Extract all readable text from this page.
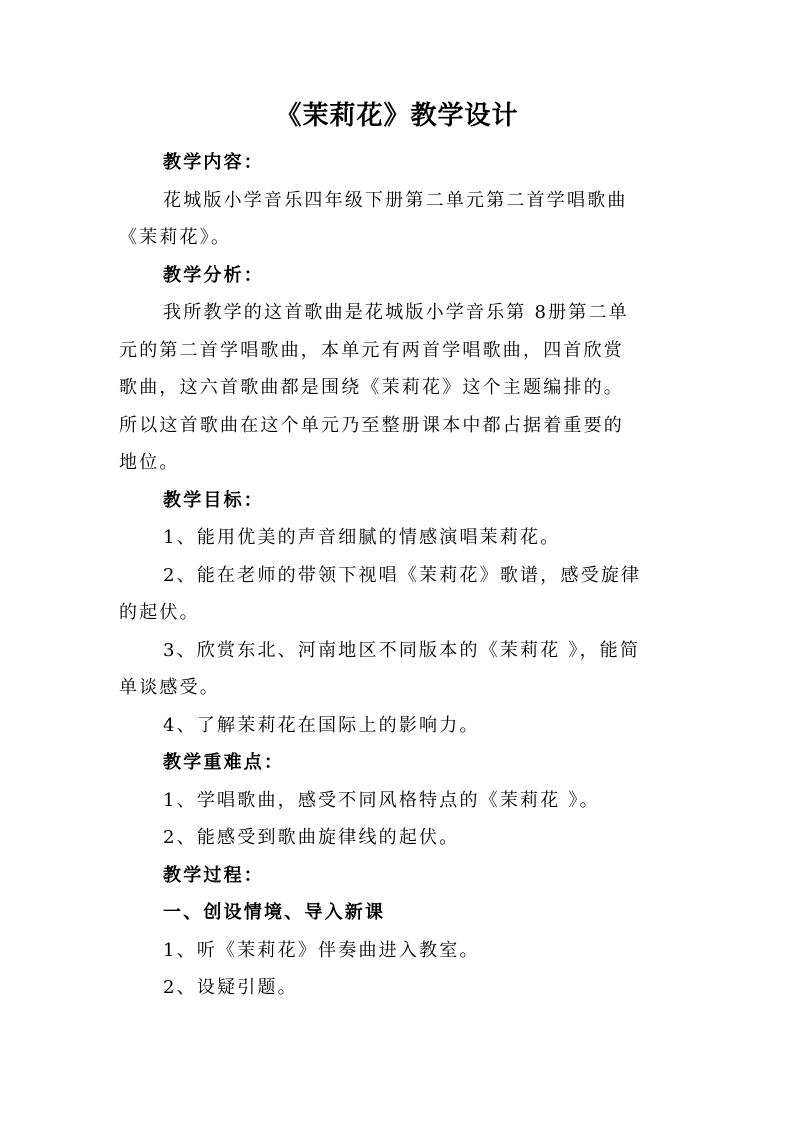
《茉莉花》教学设计
教学内容：
花城版小学音乐四年级下册第二单元第二首学唱歌曲
《茉莉花》。
教学分析：
我所教学的这首歌曲是花城版小学音乐第 8册第二单
元的第二首学唱歌曲，本单元有两首学唱歌曲，四首欣赏
歌曲，这六首歌曲都是围绕《茉莉花》这个主题编排的。
所以这首歌曲在这个单元乃至整册课本中都占据着重要的
地位。
教学目标：
1、能用优美的声音细腻的情感演唱茉莉花。
2、能在老师的带领下视唱《茉莉花》歌谱，感受旋律
的起伏。
3、欣赏东北、河南地区不同版本的《茉莉花 》，能简
单谈感受。
4、了解茉莉花在国际上的影响力。
教学重难点：
1、学唱歌曲，感受不同风格特点的《茉莉花 》。
2、能感受到歌曲旋律线的起伏。
教学过程：
一、创设情境、导入新课
1、听《茉莉花》伴奏曲进入教室。
2、设疑引题。
